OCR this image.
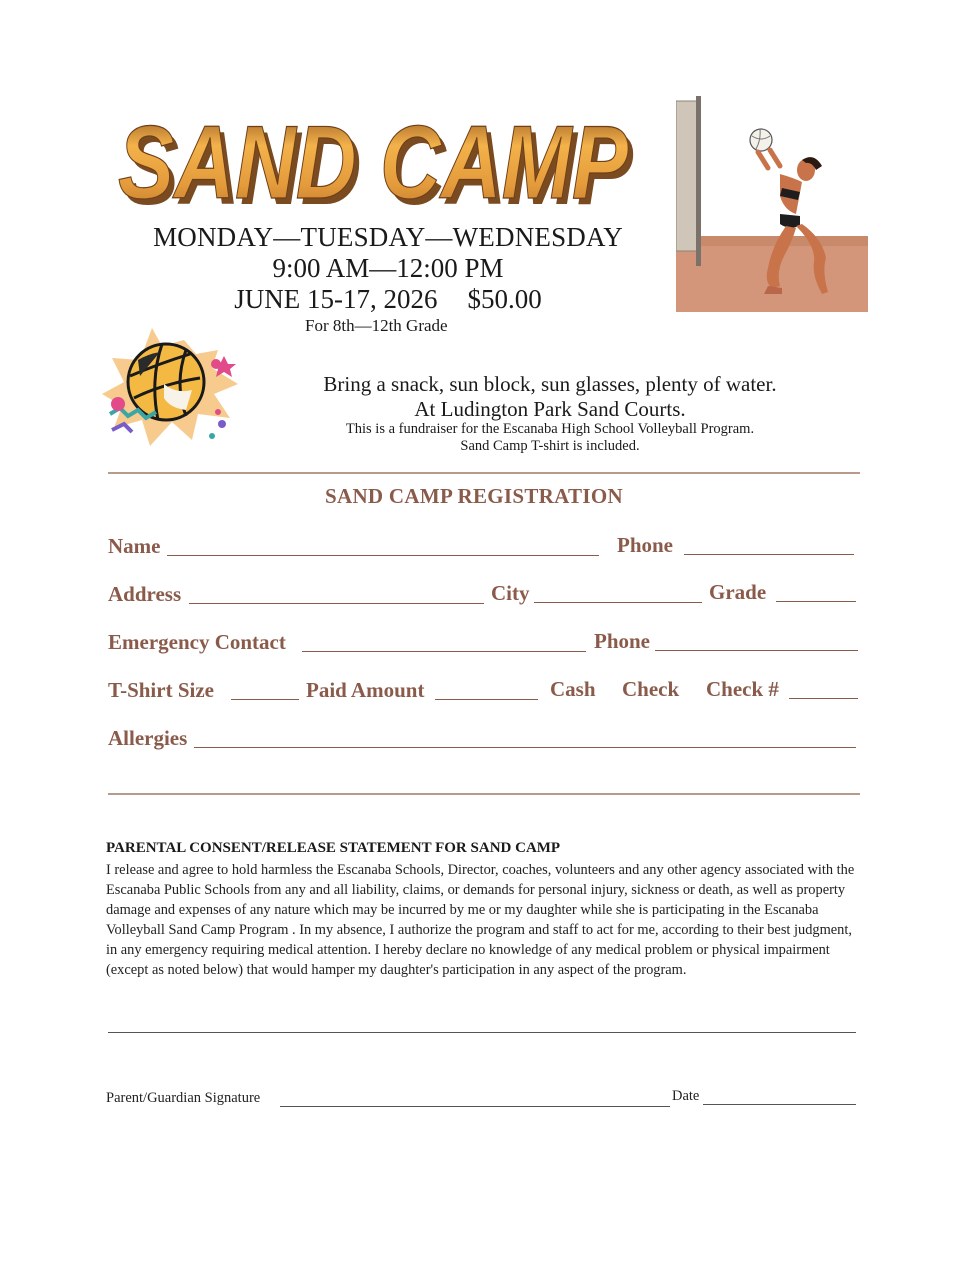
SAND CAMP
SAND CAMP
MONDAY—TUESDAY—WEDNESDAY
9:00 AM—12:00 PM
JUNE 15-17, 2026 $50.00
For 8th—12th Grade
Bring a snack, sun block, sun glasses, plenty of water.
At Ludington Park Sand Courts.
This is a fundraiser for the Escanaba High School Volleyball Program.
Sand Camp T-shirt is included.
SAND CAMP REGISTRATION
Name	Phone
Address	City	Grade
Emergency Contact	Phone
T-Shirt Size	Paid Amount	Cash Check Check #
Allergies
PARENTAL CONSENT/RELEASE STATEMENT FOR SAND CAMP
I release and agree to hold harmless the Escanaba Schools, Director, coaches, volunteers and any other agency associated with the Escanaba Public Schools from any and all liability, claims, or demands for personal injury, sickness or death, as well as property damage and expenses of any nature which may be incurred by me or my daughter while she is participating in the Escanaba Volleyball Sand Camp Program . In my absence, I authorize the program and staff to act for me, according to their best judgment, in any emergency requiring medical attention. I hereby declare no knowledge of any medical problem or physical impairment (except as noted below) that would hamper my daughter's participation in any aspect of the program.
Parent/Guardian Signature	Date
